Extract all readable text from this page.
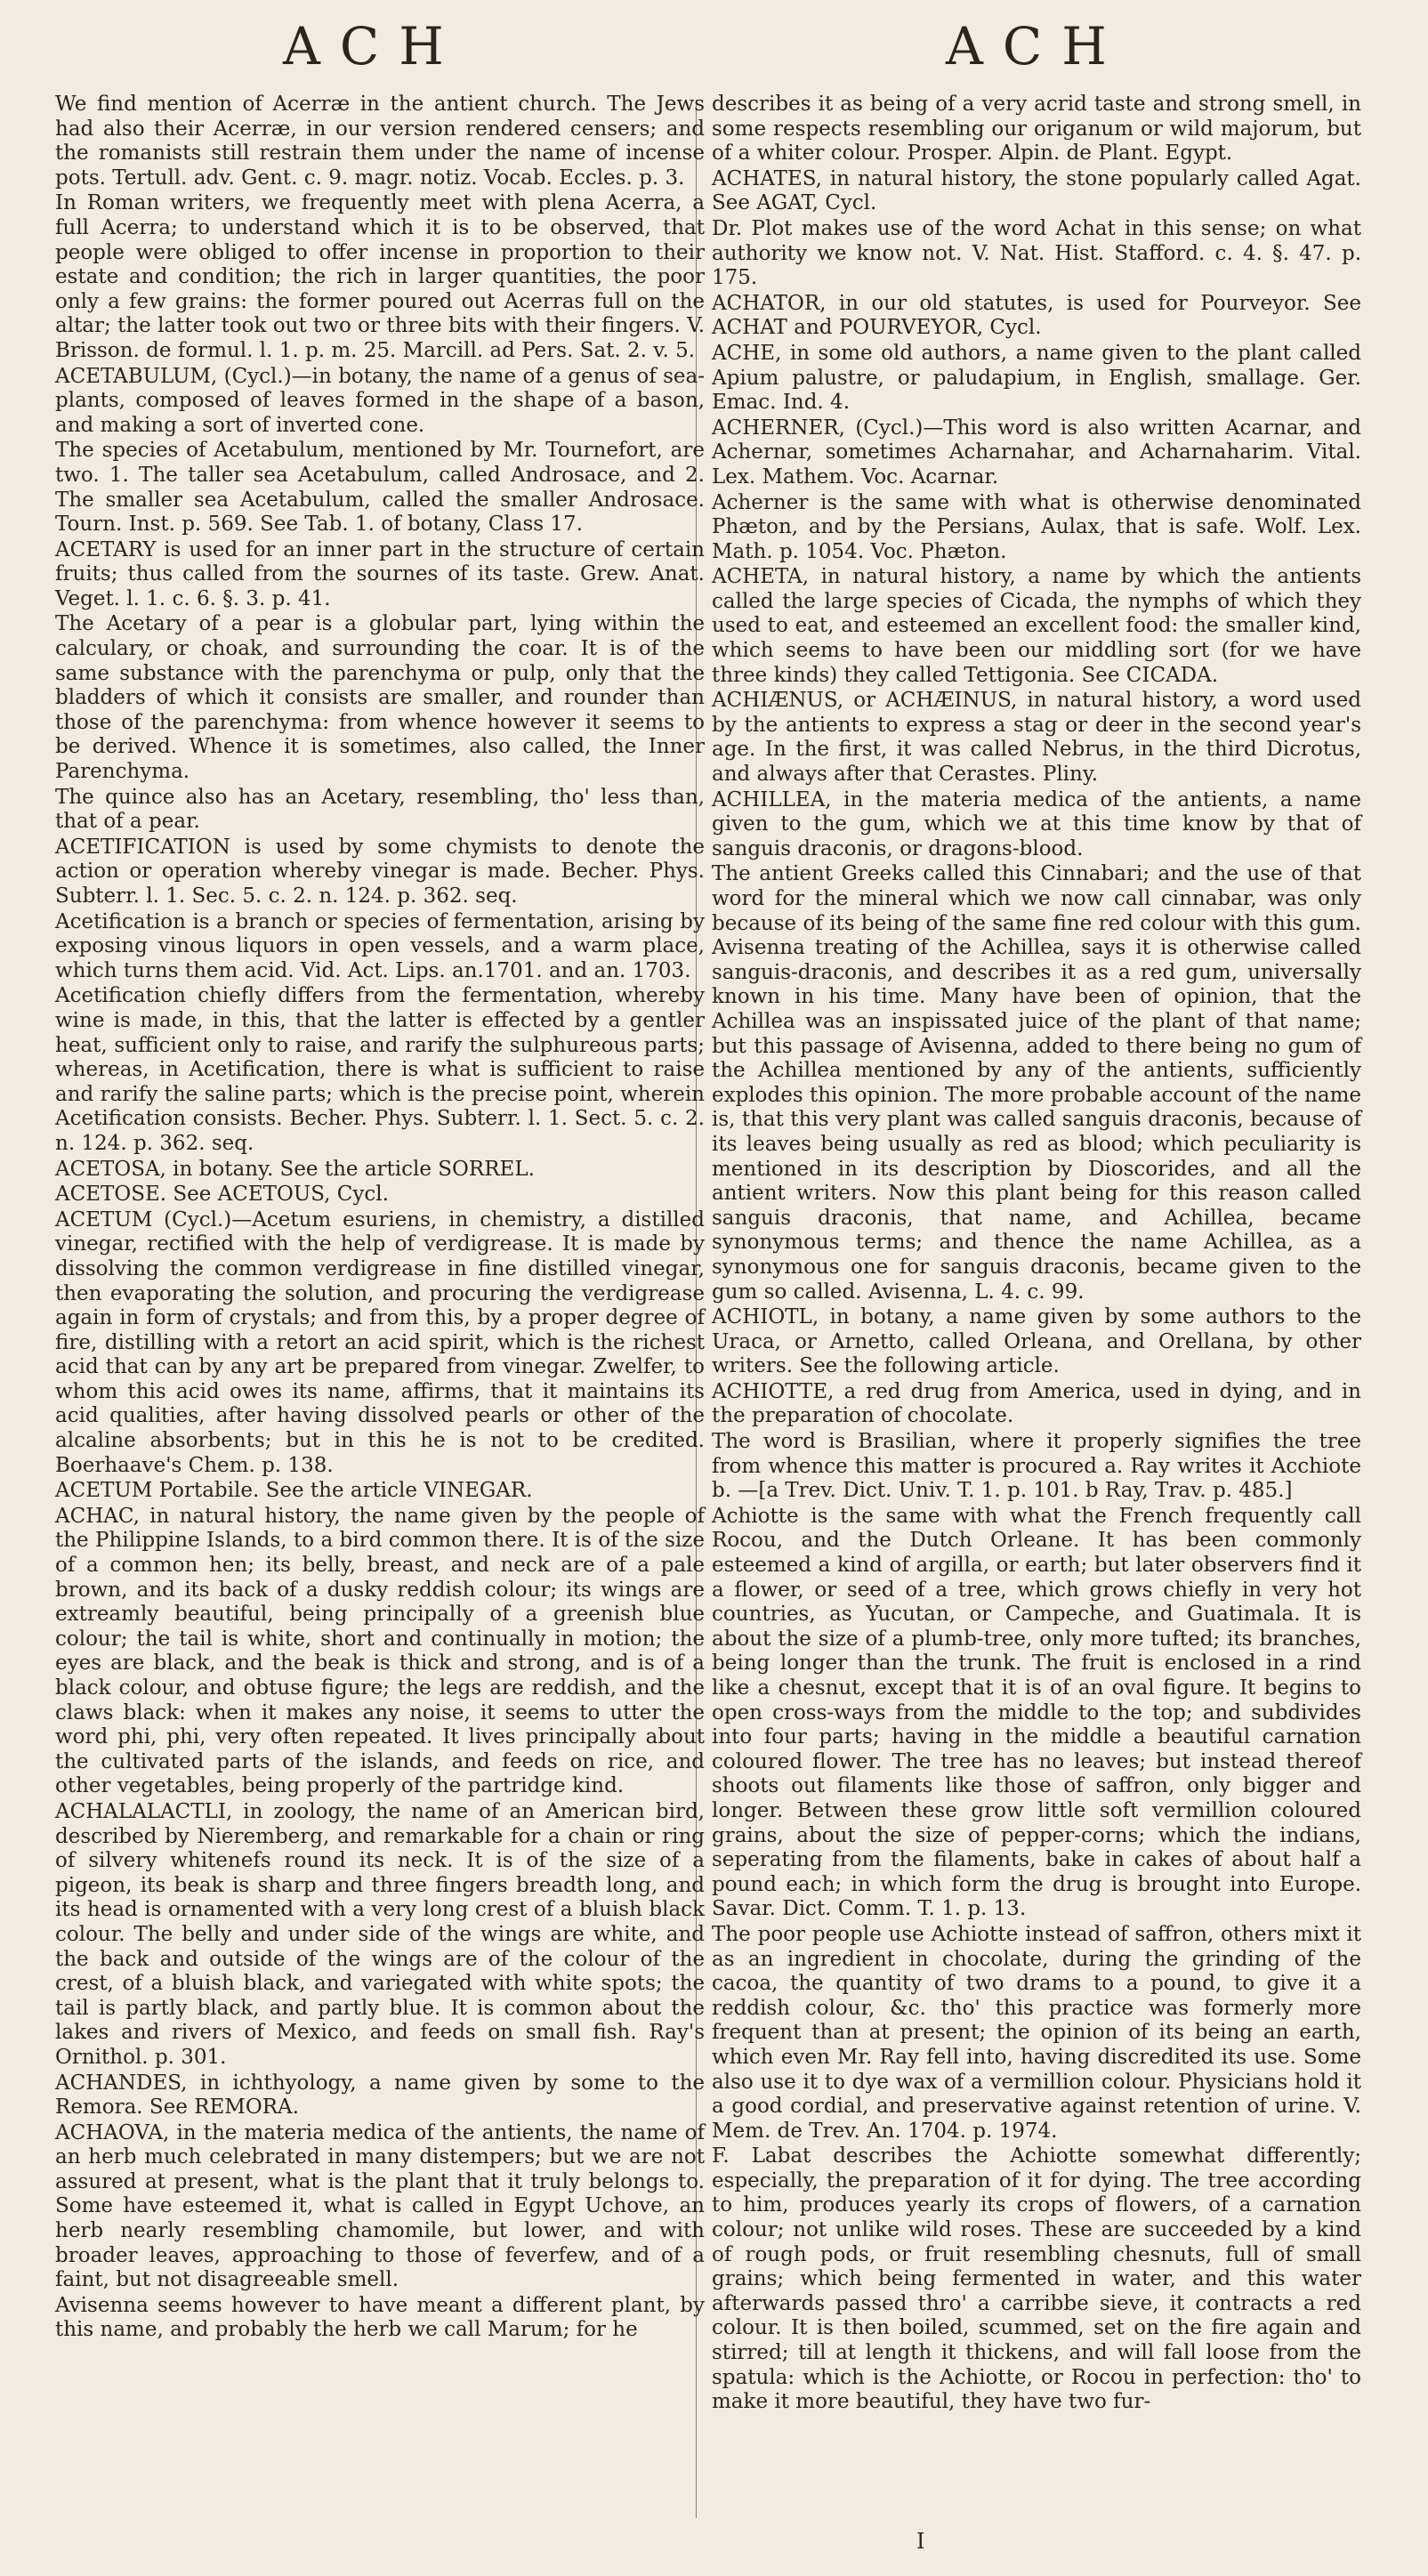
ACH	ACH

We find mention of Acerræ in the antient church. The Jews had also their Acerræ, in our version rendered censers; and the romanists still restrain them under the name of incense pots. Tertull. adv. Gent. c. 9. magr. notiz. Vocab. Eccles. p. 3.

In Roman writers, we frequently meet with plena Acerra, a full Acerra; to understand which it is to be observed, that people were obliged to offer incense in proportion to their estate and condition; the rich in larger quantities, the poor only a few grains: the former poured out Acerras full on the altar; the latter took out two or three bits with their fingers. V. Brisson. de formul. l. 1. p. m. 25. Marcill. ad Pers. Sat. 2. v. 5.

ACETABULUM, (Cycl.)—in botany, the name of a genus of sea-plants, composed of leaves formed in the shape of a bason, and making a sort of inverted cone.

The species of Acetabulum, mentioned by Mr. Tournefort, are two. 1. The taller sea Acetabulum, called Androsace, and 2. The smaller sea Acetabulum, called the smaller Androsace. Tourn. Inst. p. 569. See Tab. 1. of botany, Class 17.

ACETARY is used for an inner part in the structure of certain fruits; thus called from the sournes of its taste. Grew. Anat. Veget. l. 1. c. 6. §. 3. p. 41.

The Acetary of a pear is a globular part, lying within the calculary, or choak, and surrounding the coar. It is of the same substance with the parenchyma or pulp, only that the bladders of which it consists are smaller, and rounder than those of the parenchyma: from whence however it seems to be derived. Whence it is sometimes, also called, the Inner Parenchyma.

The quince also has an Acetary, resembling, tho' less than, that of a pear.

ACETIFICATION is used by some chymists to denote the action or operation whereby vinegar is made. Becher. Phys. Subterr. l. 1. Sec. 5. c. 2. n. 124. p. 362. seq.

Acetification is a branch or species of fermentation, arising by exposing vinous liquors in open vessels, and a warm place, which turns them acid. Vid. Act. Lips. an.1701. and an. 1703.

Acetification chiefly differs from the fermentation, whereby wine is made, in this, that the latter is effected by a gentler heat, sufficient only to raise, and rarify the sulphureous parts; whereas, in Acetification, there is what is sufficient to raise and rarify the saline parts; which is the precise point, wherein Acetification consists. Becher. Phys. Subterr. l. 1. Sect. 5. c. 2. n. 124. p. 362. seq.

ACETOSA, in botany. See the article SORREL.

ACETOSE. See ACETOUS, Cycl.

ACETUM (Cycl.)—Acetum esuriens, in chemistry, a distilled vinegar, rectified with the help of verdigrease. It is made by dissolving the common verdigrease in fine distilled vinegar, then evaporating the solution, and procuring the verdigrease again in form of crystals; and from this, by a proper degree of fire, distilling with a retort an acid spirit, which is the richest acid that can by any art be prepared from vinegar. Zwelfer, to whom this acid owes its name, affirms, that it maintains its acid qualities, after having dissolved pearls or other of the alcaline absorbents; but in this he is not to be credited. Boerhaave's Chem. p. 138.

ACETUM Portabile. See the article VINEGAR.

ACHAC, in natural history, the name given by the people of the Philippine Islands, to a bird common there. It is of the size of a common hen; its belly, breast, and neck are of a pale brown, and its back of a dusky reddish colour; its wings are extreamly beautiful, being principally of a greenish blue colour; the tail is white, short and continually in motion; the eyes are black, and the beak is thick and strong, and is of a black colour, and obtuse figure; the legs are reddish, and the claws black: when it makes any noise, it seems to utter the word phi, phi, very often repeated. It lives principally about the cultivated parts of the islands, and feeds on rice, and other vegetables, being properly of the partridge kind.

ACHALALACTLI, in zoology, the name of an American bird, described by Nieremberg, and remarkable for a chain or ring of silvery whitenefs round its neck. It is of the size of a pigeon, its beak is sharp and three fingers breadth long, and its head is ornamented with a very long crest of a bluish black colour. The belly and under side of the wings are white, and the back and outside of the wings are of the colour of the crest, of a bluish black, and variegated with white spots; the tail is partly black, and partly blue. It is common about the lakes and rivers of Mexico, and feeds on small fish. Ray's Ornithol. p. 301.

ACHANDES, in ichthyology, a name given by some to the Remora. See REMORA.

ACHAOVA, in the materia medica of the antients, the name of an herb much celebrated in many distempers; but we are not assured at present, what is the plant that it truly belongs to. Some have esteemed it, what is called in Egypt Uchove, an herb nearly resembling chamomile, but lower, and with broader leaves, approaching to those of feverfew, and of a faint, but not disagreeable smell.

Avisenna seems however to have meant a different plant, by this name, and probably the herb we call Marum; for he

describes it as being of a very acrid taste and strong smell, in some respects resembling our origanum or wild majorum, but of a whiter colour. Prosper. Alpin. de Plant. Egypt.

ACHATES, in natural history, the stone popularly called Agat. See AGAT, Cycl.

Dr. Plot makes use of the word Achat in this sense; on what authority we know not. V. Nat. Hist. Stafford. c. 4. §. 47. p. 175.

ACHATOR, in our old statutes, is used for Pourveyor. See ACHAT and POURVEYOR, Cycl.

ACHE, in some old authors, a name given to the plant called Apium palustre, or paludapium, in English, smallage. Ger. Emac. Ind. 4.

ACHERNER, (Cycl.)—This word is also written Acarnar, and Achernar, sometimes Acharnahar, and Acharnaharim. Vital. Lex. Mathem. Voc. Acarnar.

Acherner is the same with what is otherwise denominated Phæton, and by the Persians, Aulax, that is safe. Wolf. Lex. Math. p. 1054. Voc. Phæton.

ACHETA, in natural history, a name by which the antients called the large species of Cicada, the nymphs of which they used to eat, and esteemed an excellent food: the smaller kind, which seems to have been our middling sort (for we have three kinds) they called Tettigonia. See CICADA.

ACHIÆNUS, or ACHÆINUS, in natural history, a word used by the antients to express a stag or deer in the second year's age. In the first, it was called Nebrus, in the third Dicrotus, and always after that Cerastes. Pliny.

ACHILLEA, in the materia medica of the antients, a name given to the gum, which we at this time know by that of sanguis draconis, or dragons-blood.

The antient Greeks called this Cinnabari; and the use of that word for the mineral which we now call cinnabar, was only because of its being of the same fine red colour with this gum. Avisenna treating of the Achillea, says it is otherwise called sanguis-draconis, and describes it as a red gum, universally known in his time. Many have been of opinion, that the Achillea was an inspissated juice of the plant of that name; but this passage of Avisenna, added to there being no gum of the Achillea mentioned by any of the antients, sufficiently explodes this opinion. The more probable account of the name is, that this very plant was called sanguis draconis, because of its leaves being usually as red as blood; which peculiarity is mentioned in its description by Dioscorides, and all the antient writers. Now this plant being for this reason called sanguis draconis, that name, and Achillea, became synonymous terms; and thence the name Achillea, as a synonymous one for sanguis draconis, became given to the gum so called. Avisenna, L. 4. c. 99.

ACHIOTL, in botany, a name given by some authors to the Uraca, or Arnetto, called Orleana, and Orellana, by other writers. See the following article.

ACHIOTTE, a red drug from America, used in dying, and in the preparation of chocolate.

The word is Brasilian, where it properly signifies the tree from whence this matter is procured a. Ray writes it Acchiote b. —[a Trev. Dict. Univ. T. 1. p. 101. b Ray, Trav. p. 485.]

Achiotte is the same with what the French frequently call Rocou, and the Dutch Orleane. It has been commonly esteemed a kind of argilla, or earth; but later observers find it a flower, or seed of a tree, which grows chiefly in very hot countries, as Yucutan, or Campeche, and Guatimala. It is about the size of a plumb-tree, only more tufted; its branches, being longer than the trunk. The fruit is enclosed in a rind like a chesnut, except that it is of an oval figure. It begins to open cross-ways from the middle to the top; and subdivides into four parts; having in the middle a beautiful carnation coloured flower. The tree has no leaves; but instead thereof shoots out filaments like those of saffron, only bigger and longer. Between these grow little soft vermillion coloured grains, about the size of pepper-corns; which the indians, seperating from the filaments, bake in cakes of about half a pound each; in which form the drug is brought into Europe. Savar. Dict. Comm. T. 1. p. 13.

The poor people use Achiotte instead of saffron, others mixt it as an ingredient in chocolate, during the grinding of the cacoa, the quantity of two drams to a pound, to give it a reddish colour, &c. tho' this practice was formerly more frequent than at present; the opinion of its being an earth, which even Mr. Ray fell into, having discredited its use. Some also use it to dye wax of a vermillion colour. Physicians hold it a good cordial, and preservative against retention of urine. V. Mem. de Trev. An. 1704. p. 1974.

F. Labat describes the Achiotte somewhat differently; especially, the preparation of it for dying. The tree according to him, produces yearly its crops of flowers, of a carnation colour; not unlike wild roses. These are succeeded by a kind of rough pods, or fruit resembling chesnuts, full of small grains; which being fermented in water, and this water afterwards passed thro' a carribbe sieve, it contracts a red colour. It is then boiled, scummed, set on the fire again and stirred; till at length it thickens, and will fall loose from the spatula: which is the Achiotte, or Rocou in perfection: tho' to make it more beautiful, they have two fur-

I
